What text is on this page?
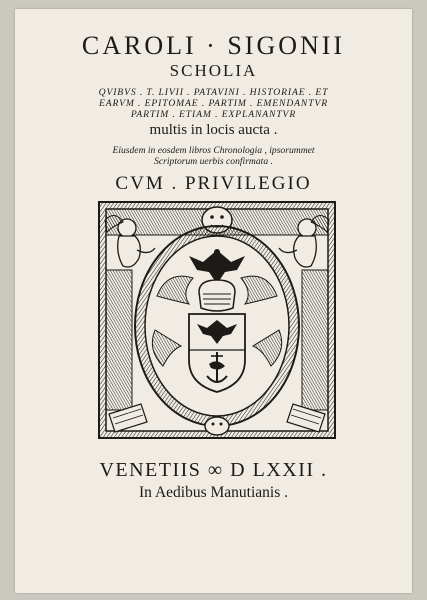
CAROLI · SIGONII
SCHOLIA
QVIBVS . T. LIVII . PATAVINI . HISTORIAE . ET
EARVM . EPITOMAE . PARTIM . EMENDANTVR
PARTIM . ETIAM . EXPLANANTVR
multis in locis aucta .
Eiusdem in eosdem libros Chronologia , ipsorummet
Scriptorum uerbis confirmata .
CVM . PRIVILEGIO
VENETIIS ∞ D LXXII .
In Aedibus Manutianis .
